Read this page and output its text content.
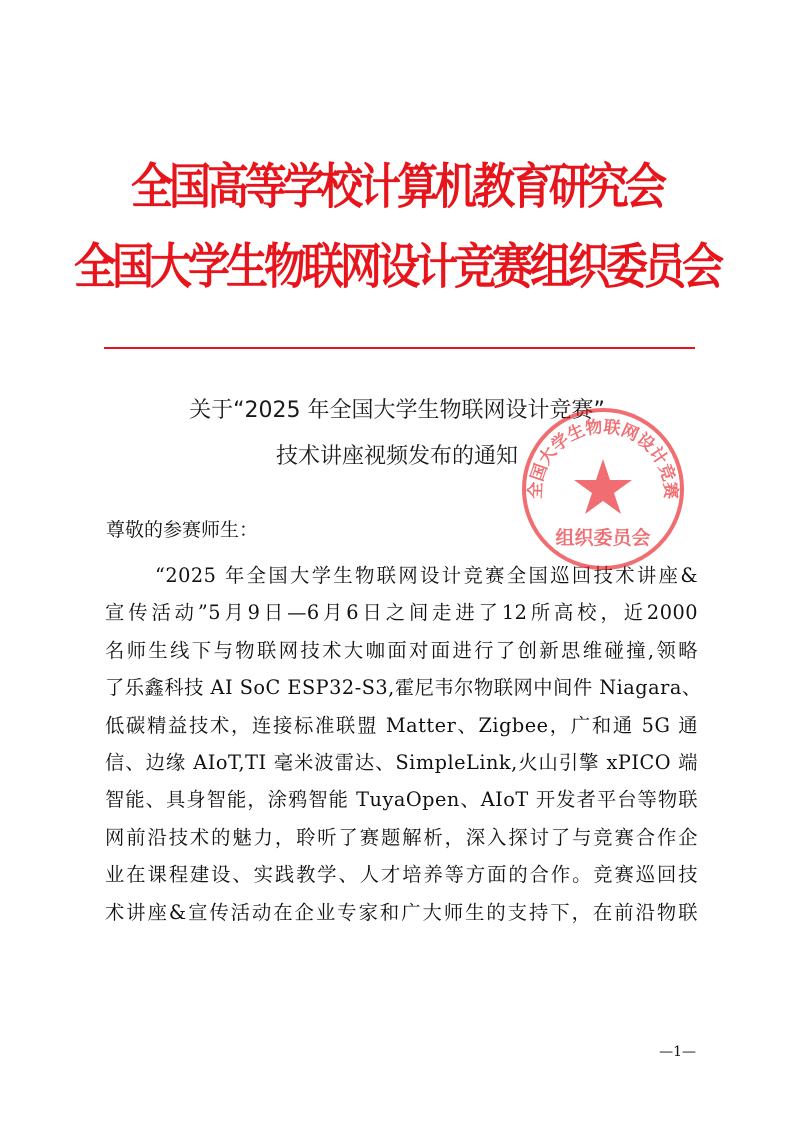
全国高等学校计算机教育研究会
全国大学生物联网设计竞赛组织委员会
关于“2025 年全国大学生物联网设计竞赛”
技术讲座视频发布的通知
尊敬的参赛师生：
“2025 年全国大学生物联网设计竞赛全国巡回技术讲座&
宣传活动”5月9日—6月6日之间走进了12所高校，近2000
名师生线下与物联网技术大咖面对面进行了创新思维碰撞,领略
了乐鑫科技 AI SoC ESP32-S3,霍尼韦尔物联网中间件 Niagara、
低碳精益技术，连接标准联盟 Matter、Zigbee，广和通 5G 通
信、边缘 AIoT,TI 毫米波雷达、SimpleLink,火山引擎 xPICO 端
智能、具身智能，涂鸦智能 TuyaOpen、AIoT 开发者平台等物联
网前沿技术的魅力，聆听了赛题解析，深入探讨了与竞赛合作企
业在课程建设、实践教学、人才培养等方面的合作。竞赛巡回技
术讲座&宣传活动在企业专家和广大师生的支持下，在前沿物联
全国大学生物联网设计竞赛
组织委员会
—1—
